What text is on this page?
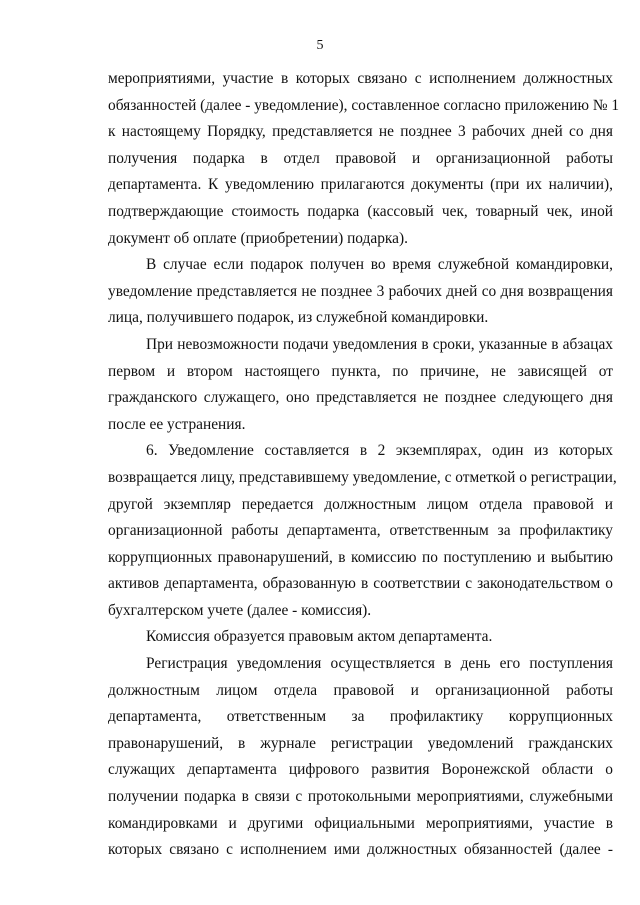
5
мероприятиями, участие в которых связано с исполнением должностных
обязанностей (далее - уведомление), составленное согласно приложению № 1
к настоящему Порядку, представляется не позднее 3 рабочих дней со дня
получения подарка в отдел правовой и организационной работы
департамента. К уведомлению прилагаются документы (при их наличии),
подтверждающие стоимость подарка (кассовый чек, товарный чек, иной
документ об оплате (приобретении) подарка).
В случае если подарок получен во время служебной командировки,
уведомление представляется не позднее 3 рабочих дней со дня возвращения
лица, получившего подарок, из служебной командировки.
При невозможности подачи уведомления в сроки, указанные в абзацах
первом и втором настоящего пункта, по причине, не зависящей от
гражданского служащего, оно представляется не позднее следующего дня
после ее устранения.
6. Уведомление составляется в 2 экземплярах, один из которых
возвращается лицу, представившему уведомление, с отметкой о регистрации,
другой экземпляр передается должностным лицом отдела правовой и
организационной работы департамента, ответственным за профилактику
коррупционных правонарушений, в комиссию по поступлению и выбытию
активов департамента, образованную в соответствии с законодательством о
бухгалтерском учете (далее - комиссия).
Комиссия образуется правовым актом департамента.
Регистрация уведомления осуществляется в день его поступления
должностным лицом отдела правовой и организационной работы
департамента, ответственным за профилактику коррупционных
правонарушений, в журнале регистрации уведомлений гражданских
служащих департамента цифрового развития Воронежской области о
получении подарка в связи с протокольными мероприятиями, служебными
командировками и другими официальными мероприятиями, участие в
которых связано с исполнением ими должностных обязанностей (далее -
